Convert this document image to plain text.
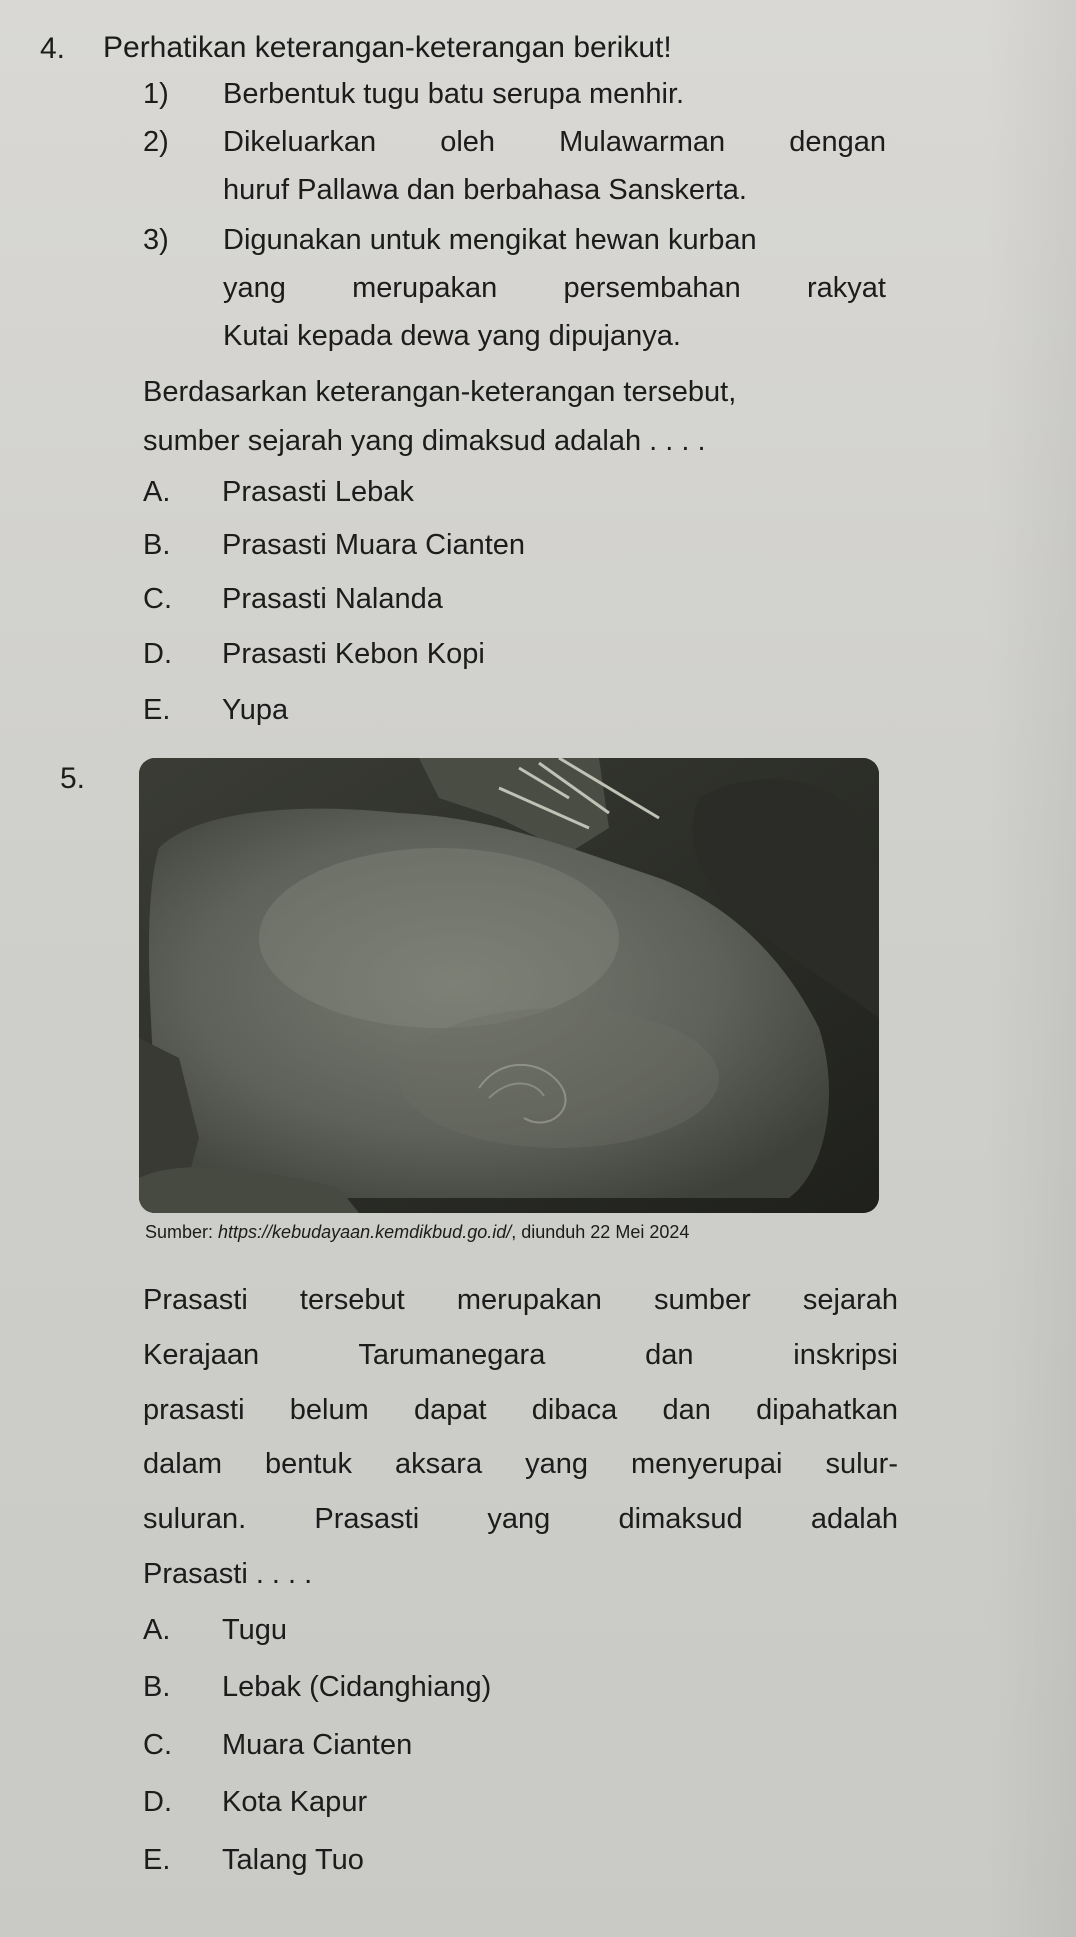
4. Perhatikan keterangan-keterangan berikut!
1) Berbentuk tugu batu serupa menhir.
2) Dikeluarkan oleh Mulawarman dengan
huruf Pallawa dan berbahasa Sanskerta.
3) Digunakan untuk mengikat hewan kurban
yang merupakan persembahan rakyat
Kutai kepada dewa yang dipujanya.
Berdasarkan keterangan-keterangan tersebut,
sumber sejarah yang dimaksud adalah . . . .
A. Prasasti Lebak
B. Prasasti Muara Cianten
C. Prasasti Nalanda
D. Prasasti Kebon Kopi
E. Yupa
5.
Sumber: https://kebudayaan.kemdikbud.go.id/, diunduh 22 Mei 2024
Prasasti tersebut merupakan sumber sejarah
Kerajaan Tarumanegara dan inskripsi
prasasti belum dapat dibaca dan dipahatkan
dalam bentuk aksara yang menyerupai sulur-
suluran. Prasasti yang dimaksud adalah
Prasasti . . . .
A. Tugu
B. Lebak (Cidanghiang)
C. Muara Cianten
D. Kota Kapur
E. Talang Tuo
